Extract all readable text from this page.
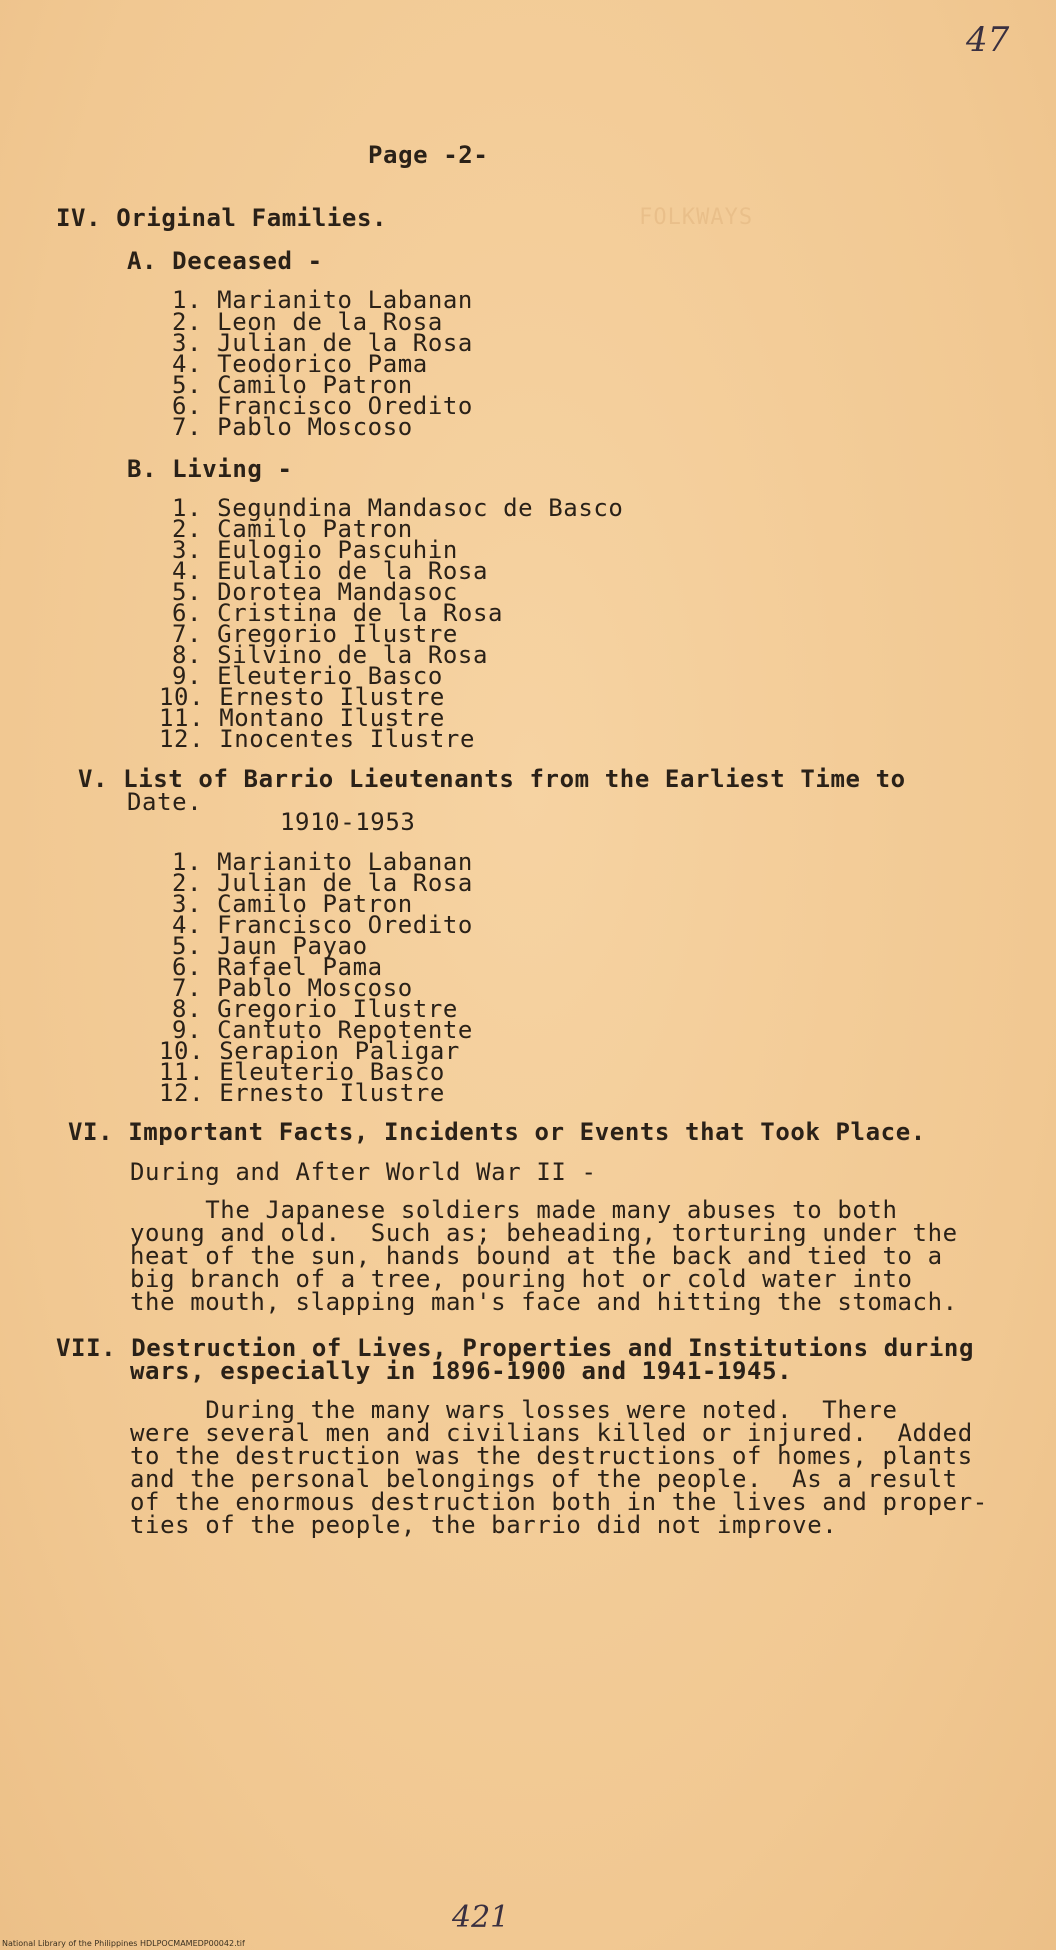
FOLKWAYS
47
Page -2-
IV. Original Families.
A. Deceased -
1. Marianito Labanan
2. Leon de la Rosa
3. Julian de la Rosa
4. Teodorico Pama
5. Camilo Patron
6. Francisco Oredito
7. Pablo Moscoso
B. Living -
1. Segundina Mandasoc de Basco
2. Camilo Patron
3. Eulogio Pascuhin
4. Eulalio de la Rosa
5. Dorotea Mandasoc
6. Cristina de la Rosa
7. Gregorio Ilustre
8. Silvino de la Rosa
9. Eleuterio Basco
10. Ernesto Ilustre
11. Montano Ilustre
12. Inocentes Ilustre
V. List of Barrio Lieutenants from the Earliest Time to
Date.
1910-1953
1. Marianito Labanan
2. Julian de la Rosa
3. Camilo Patron
4. Francisco Oredito
5. Jaun Payao
6. Rafael Pama
7. Pablo Moscoso
8. Gregorio Ilustre
9. Cantuto Repotente
10. Serapion Paligar
11. Eleuterio Basco
12. Ernesto Ilustre
VI. Important Facts, Incidents or Events that Took Place.
During and After World War II -
The Japanese soldiers made many abuses to both
young and old.  Such as; beheading, torturing under the
heat of the sun, hands bound at the back and tied to a
big branch of a tree, pouring hot or cold water into
the mouth, slapping man's face and hitting the stomach.
VII. Destruction of Lives, Properties and Institutions during
wars, especially in 1896-1900 and 1941-1945.
During the many wars losses were noted.  There
were several men and civilians killed or injured.  Added
to the destruction was the destructions of homes, plants
and the personal belongings of the people.  As a result
of the enormous destruction both in the lives and proper-
ties of the people, the barrio did not improve.
421
National Library of the Philippines HDLPOCMAMEDP00042.tif
